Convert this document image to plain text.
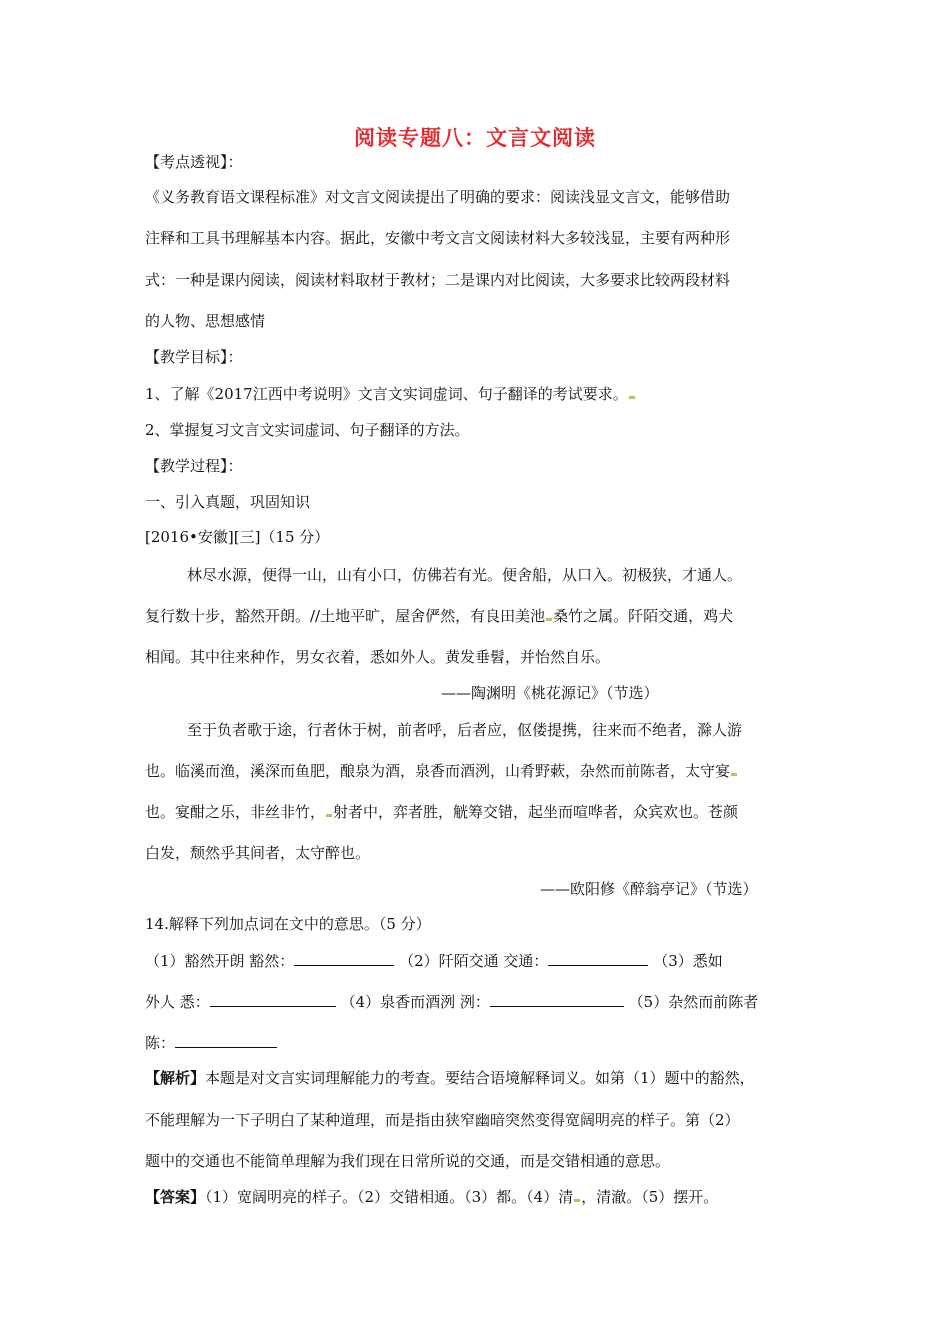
阅读专题八：文言文阅读
【考点透视】：
《义务教育语文课程标准》对文言文阅读提出了明确的要求：阅读浅显文言文，能够借助
注释和工具书理解基本内容。据此，安徽中考文言文阅读材料大多较浅显，主要有两种形
式：一种是课内阅读，阅读材料取材于教材；二是课内对比阅读，大多要求比较两段材料
的人物、思想感情
【教学目标】：
1、了解《2017江西中考说明》文言文实词虚词、句子翻译的考试要求。
2、掌握复习文言文实词虚词、句子翻译的方法。
【教学过程】：
一、引入真题，巩固知识
[2016•安徽][三]（15 分）
林尽水源，便得一山，山有小口，仿佛若有光。便舍船，从口入。初极狭，才通人。
复行数十步，豁然开朗。//土地平旷，屋舍俨然，有良田美池 桑竹之属。阡陌交通，鸡犬
相闻。其中往来种作，男女衣着，悉如外人。黄发垂髫，并怡然自乐。
——陶渊明《桃花源记》（节选）
至于负者歌于途，行者休于树，前者呼，后者应，伛偻提携，往来而不绝者，滁人游
也。临溪而渔，溪深而鱼肥，酿泉为酒，泉香而酒洌，山肴野蔌，杂然而前陈者，太守宴
也。宴酣之乐，非丝非竹， 射者中，弈者胜，觥筹交错，起坐而喧哗者，众宾欢也。苍颜
白发，颓然乎其间者，太守醉也。
——欧阳修《醉翁亭记》（节选）
14.解释下列加点词在文中的意思。（5 分）
（1）豁然开朗 豁然：	（2）阡陌交通 交通：	（3）悉如
外人 悉：	（4）泉香而酒洌 洌：	（5）杂然而前陈者
陈：
【解析】本题是对文言实词理解能力的考查。要结合语境解释词义。如第（1）题中的豁然，
不能理解为一下子明白了某种道理，而是指由狭窄幽暗突然变得宽阔明亮的样子。第（2）
题中的交通也不能简单理解为我们现在日常所说的交通，而是交错相通的意思。
【答案】（1）宽阔明亮的样子。（2）交错相通。（3）都。（4）清 ，清澈。（5）摆开。
